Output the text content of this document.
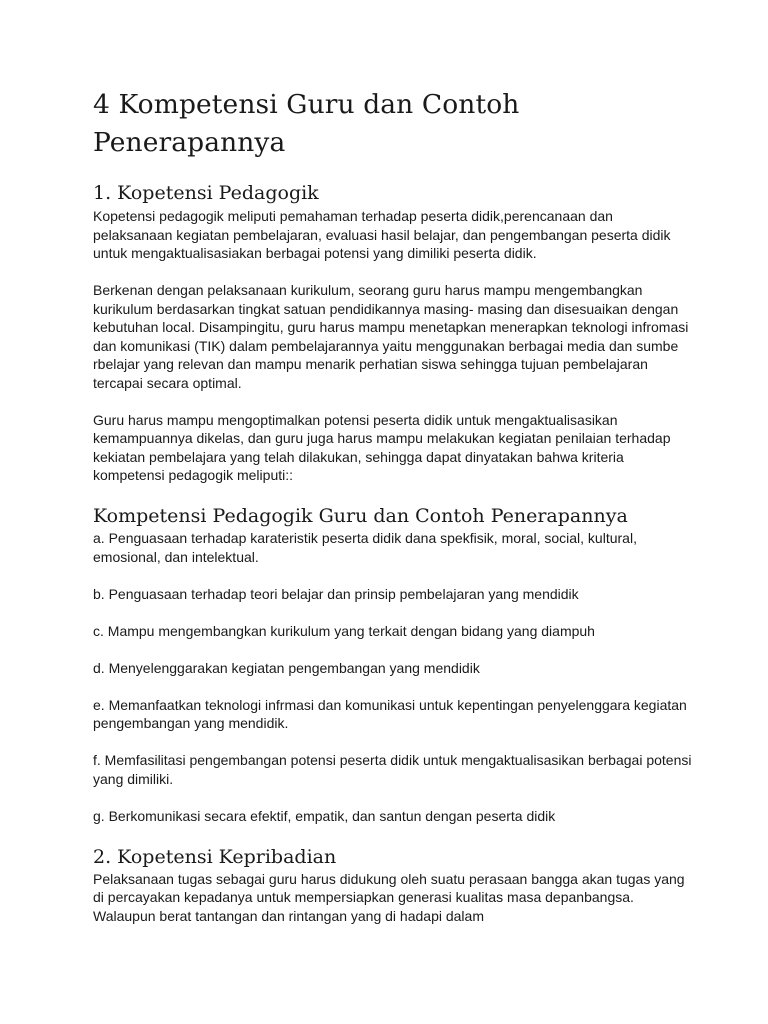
4 Kompetensi Guru dan Contoh Penerapannya
1. Kopetensi Pedagogik

Kopetensi pedagogik meliputi pemahaman terhadap peserta didik,perencanaan dan pelaksanaan kegiatan pembelajaran, evaluasi hasil belajar, dan pengembangan peserta didik untuk mengaktualisasiakan berbagai potensi yang dimiliki peserta didik.

Berkenan dengan pelaksanaan kurikulum, seorang guru harus mampu mengembangkan kurikulum berdasarkan tingkat satuan pendidikannya masing- masing dan disesuaikan dengan kebutuhan local. Disampingitu, guru harus mampu menetapkan menerapkan teknologi infromasi dan komunikasi (TIK) dalam pembelajarannya yaitu menggunakan berbagai media dan sumbe rbelajar yang relevan dan mampu menarik perhatian siswa sehingga tujuan pembelajaran tercapai secara optimal.

Guru harus mampu mengoptimalkan potensi peserta didik untuk mengaktualisasikan kemampuannya dikelas, dan guru juga harus mampu melakukan kegiatan penilaian terhadap kekiatan pembelajara yang telah dilakukan, sehingga dapat dinyatakan bahwa kriteria kompetensi pedagogik meliputi::

Kompetensi Pedagogik Guru dan Contoh Penerapannya

a. Penguasaan terhadap karateristik peserta didik dana spekfisik, moral, social, kultural, emosional, dan intelektual.

b. Penguasaan terhadap teori belajar dan prinsip pembelajaran yang mendidik

c. Mampu mengembangkan kurikulum yang terkait dengan bidang yang diampuh

d. Menyelenggarakan kegiatan pengembangan yang mendidik

e. Memanfaatkan teknologi infrmasi dan komunikasi untuk kepentingan penyelenggara kegiatan pengembangan yang mendidik.

f. Memfasilitasi pengembangan potensi peserta didik untuk mengaktualisasikan berbagai potensi yang dimiliki.

g. Berkomunikasi secara efektif, empatik, dan santun dengan peserta didik

2. Kopetensi Kepribadian

Pelaksanaan tugas sebagai guru harus didukung oleh suatu perasaan bangga akan tugas yang di percayakan kepadanya untuk mempersiapkan generasi kualitas masa depanbangsa. Walaupun berat tantangan dan rintangan yang di hadapi dalam
